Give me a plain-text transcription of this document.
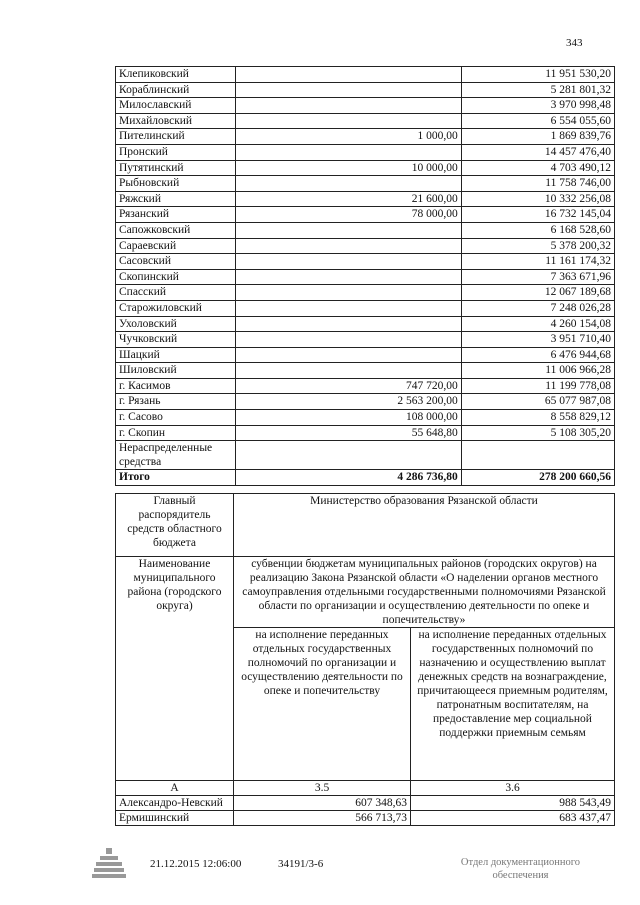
343
Клепиковский		11 951 530,20
Кораблинский		5 281 801,32
Милославский		3 970 998,48
Михайловский		6 554 055,60
Пителинский	1 000,00	1 869 839,76
Пронский		14 457 476,40
Путятинский	10 000,00	4 703 490,12
Рыбновский		11 758 746,00
Ряжский	21 600,00	10 332 256,08
Рязанский	78 000,00	16 732 145,04
Сапожковский		6 168 528,60
Сараевский		5 378 200,32
Сасовский		11 161 174,32
Скопинский		7 363 671,96
Спасский		12 067 189,68
Старожиловский		7 248 026,28
Ухоловский		4 260 154,08
Чучковский		3 951 710,40
Шацкий		6 476 944,68
Шиловский		11 006 966,28
г. Касимов	747 720,00	11 199 778,08
г. Рязань	2 563 200,00	65 077 987,08
г. Сасово	108 000,00	8 558 829,12
г. Скопин	55 648,80	5 108 305,20
Нераспределенные средства		
Итого	4 286 736,80	278 200 660,56
Главный распорядитель средств областного бюджета	Министерство образования Рязанской области	
Наименование муниципального района (городского округа)	субвенции бюджетам муниципальных районов (городских округов) на реализацию Закона Рязанской области «О наделении органов местного самоуправления отдельными государственными полномочиями Рязанской области по организации и осуществлению деятельности по опеке и попечительству»	
	на исполнение переданных отдельных государственных полномочий по организации и осуществлению деятельности по опеке и попечительству	на исполнение переданных отдельных государственных полномочий по назначению и осуществлению выплат денежных средств на вознаграждение, причитающееся приемным родителям, патронатным воспитателям, на предоставление мер социальной поддержки приемным семьям
А	3.5	3.6
Александро-Невский	607 348,63	988 543,49
Ермишинский	566 713,73	683 437,47
21.12.2015 12:06:00	34191/3-6	Отдел документационного обеспечения
